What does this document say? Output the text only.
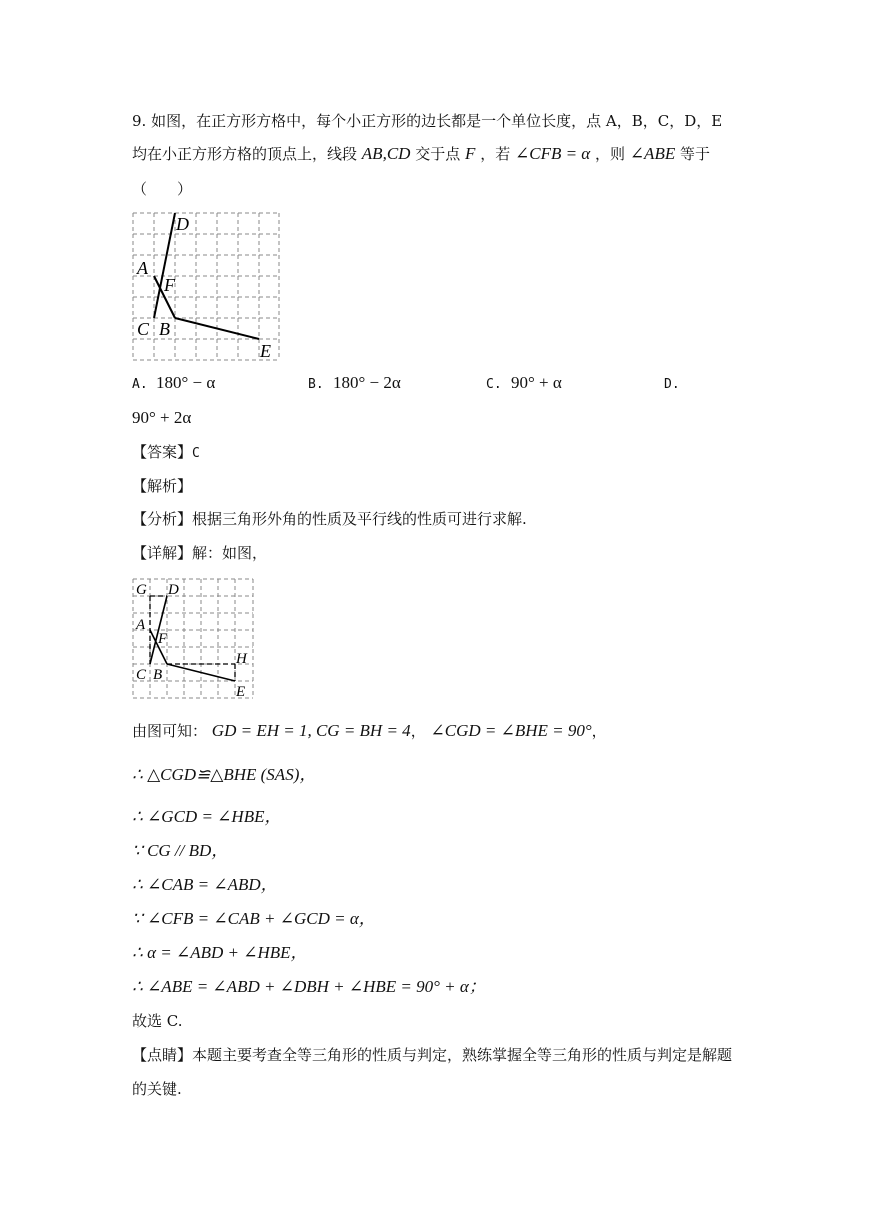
9. 如图，在正方形方格中，每个小正方形的边长都是一个单位长度，点 A，B，C，D，E
均在小正方形方格的顶点上，线段 AB,CD 交于点 F ，若 ∠CFB = α ，则 ∠ABE 等于
（　　）
D
A
F
C B
E
A. 180° − α	B. 180° − 2α	C. 90° + α	D.
90° + 2α
【答案】C
【解析】
【分析】根据三角形外角的性质及平行线的性质可进行求解.
【详解】解：如图，
G D
A
F
H
C B
E
由图可知： GD = EH = 1, CG = BH = 4， ∠CGD = ∠BHE = 90°，
∴ △CGD≌△BHE (SAS)，
∴ ∠GCD = ∠HBE，
∵ CG // BD，
∴ ∠CAB = ∠ABD，
∵ ∠CFB = ∠CAB + ∠GCD = α，
∴ α = ∠ABD + ∠HBE，
∴ ∠ABE = ∠ABD + ∠DBH + ∠HBE = 90° + α；
故选 C.
【点睛】本题主要考查全等三角形的性质与判定，熟练掌握全等三角形的性质与判定是解题
的关键.
